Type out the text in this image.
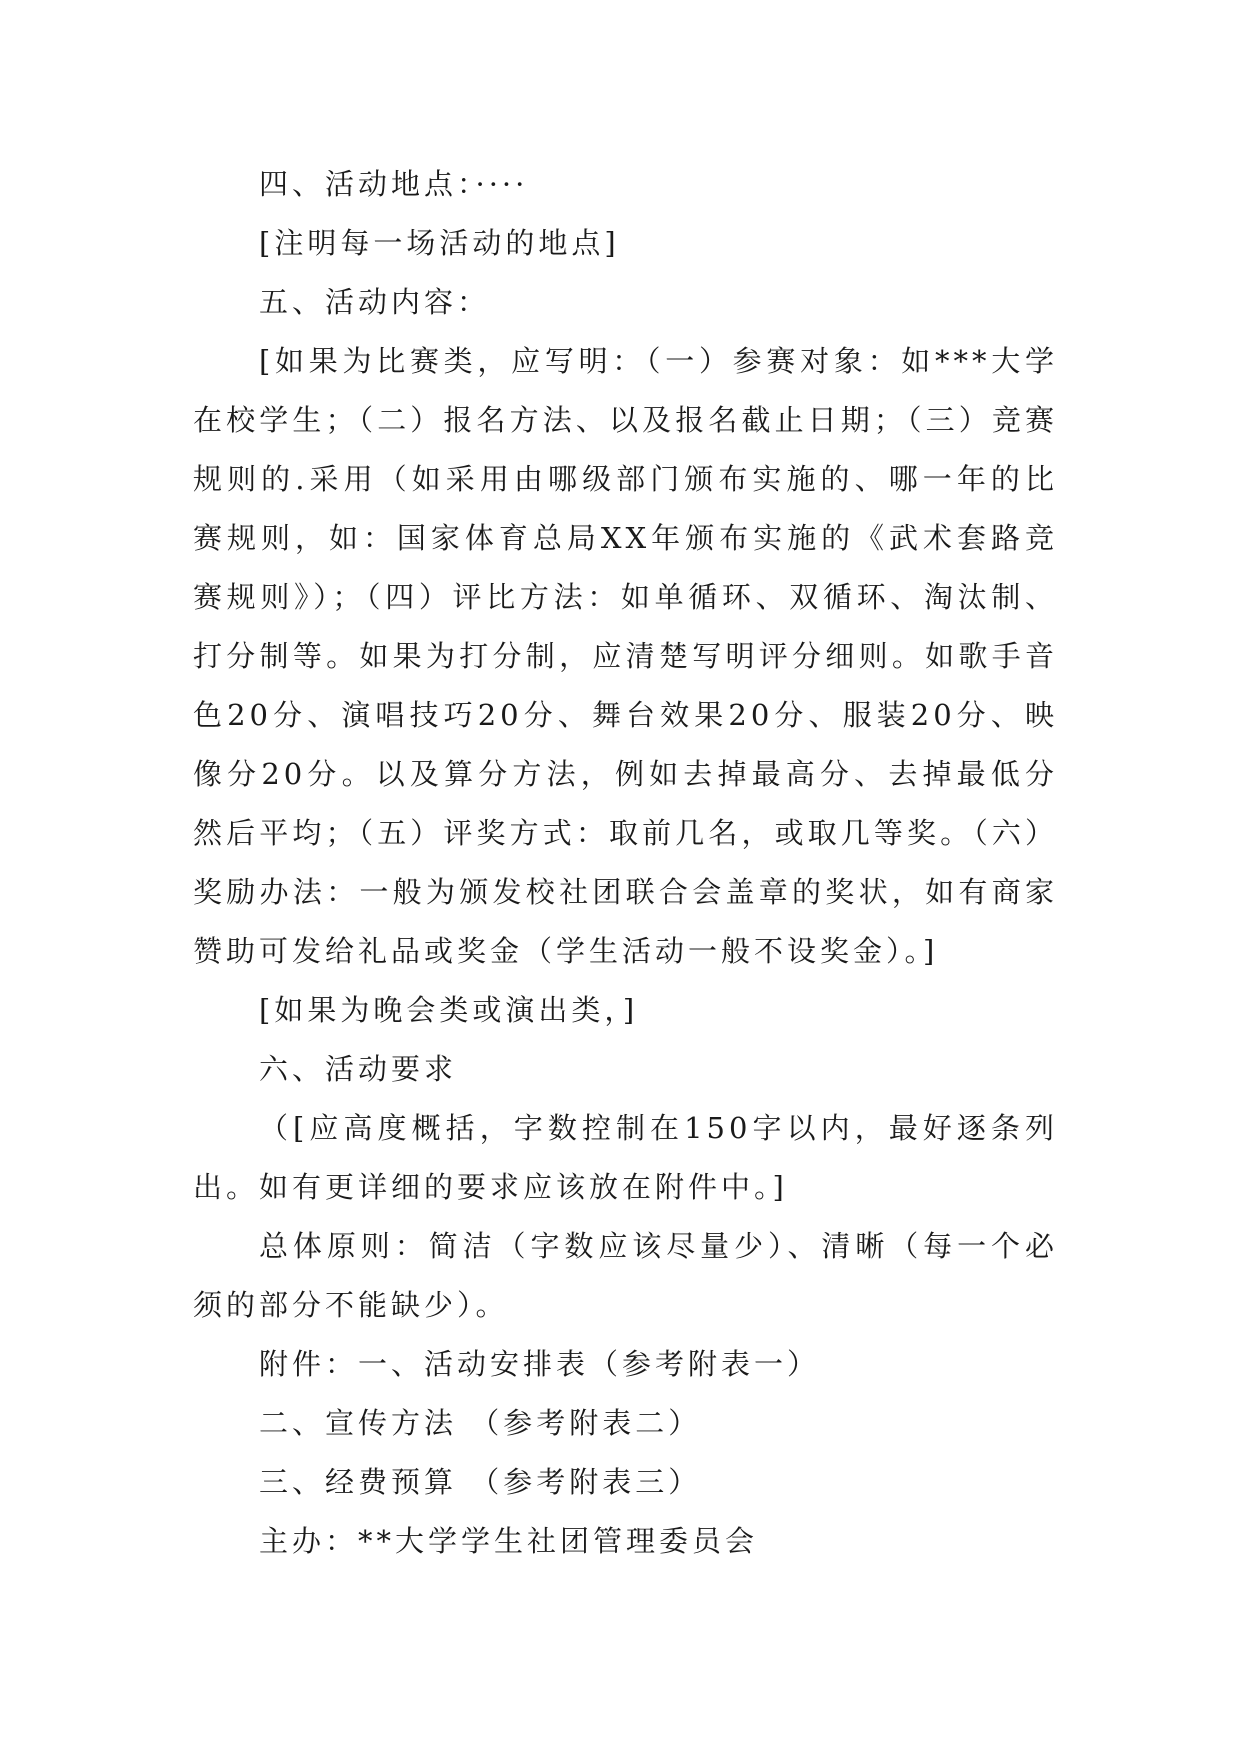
四、活动地点：····

[注明每一场活动的地点]

五、活动内容：

[如果为比赛类，应写明：（一）参赛对象：如***大学在校学生；（二）报名方法、以及报名截止日期；（三）竞赛规则的.采用（如采用由哪级部门颁布实施的、哪一年的比赛规则，如：国家体育总局XX年颁布实施的《武术套路竞赛规则》）；（四）评比方法：如单循环、双循环、淘汰制、打分制等。如果为打分制，应清楚写明评分细则。如歌手音色20分、演唱技巧20分、舞台效果20分、服装20分、映像分20分。以及算分方法，例如去掉最高分、去掉最低分然后平均；（五）评奖方式：取前几名，或取几等奖。（六）奖励办法：一般为颁发校社团联合会盖章的奖状，如有商家赞助可发给礼品或奖金（学生活动一般不设奖金）。]

[如果为晚会类或演出类，]

六、活动要求

（[应高度概括，字数控制在150字以内，最好逐条列出。如有更详细的要求应该放在附件中。]

总体原则：简洁（字数应该尽量少）、清晰（每一个必须的部分不能缺少）。

附件：一、活动安排表（参考附表一）

二、宣传方法 （参考附表二）

三、经费预算 （参考附表三）

主办：**大学学生社团管理委员会
